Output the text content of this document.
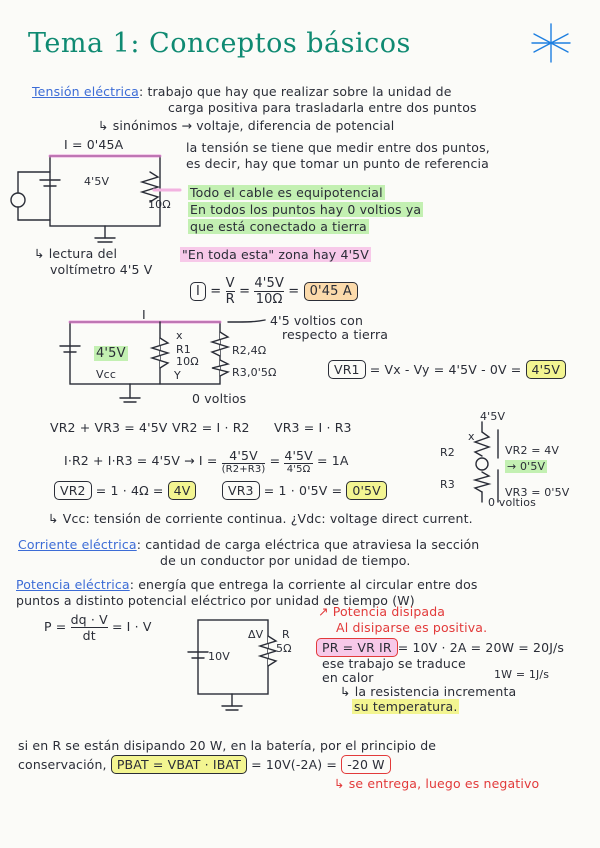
Tema 1: Conceptos básicos
Tensión eléctrica: trabajo que hay que realizar sobre la unidad de
carga positiva para trasladarla entre dos puntos
↳ sinónimos → voltaje, diferencia de potencial
I = 0'45A
4'5V
10Ω
la tensión se tiene que medir entre dos puntos,
es decir, hay que tomar un punto de referencia
Todo el cable es equipotencial
En todos los puntos hay 0 voltios ya
que está conectado a tierra
"En toda esta" zona hay 4'5V
↳ lectura del
voltímetro 4'5 V
$I = \frac{V}{R} = \frac{4'5V}{10\Omega} = 0'45$ A
I
4'5V
Vcc
x
R1
10Ω
Y
R2,4Ω
R3,0'5Ω
4'5 voltios con
respecto a tierra
0 voltios
VR1 = Vx - Vy = 4'5V - 0V = 4'5V
VR2 + VR3 = 4'5V VR2 = I · R2 VR3 = I · R3
I·R2 + I·R3 = 4'5V → I = 4'5V
(R2+R3)
= 4'5V
4'5Ω
= 1A
VR2 = 1 · 4Ω = 4V	VR3 = 1 · 0'5V = 0'5V
4'5V
x
R2
R3
VR2 = 4V
→ 0'5V
VR3 = 0'5V
0 voltios
↳ Vcc: tensión de corriente continua. ¿Vdc: voltage direct current.
Corriente eléctrica: cantidad de carga eléctrica que atraviesa la sección
de un conductor por unidad de tiempo.
Potencia eléctrica: energía que entrega la corriente al circular entre dos
puntos a distinto potencial eléctrico por unidad de tiempo (W)
$P = \frac{dq \cdot V}{dt} = I \cdot V$
10V
ΔV R
5Ω
↗ Potencia disipada
Al disiparse es positiva.
PR = VR IR = 10V · 2A = 20W = 20J/s
ese trabajo se traduce
en calor	1W = 1J/s
↳ la resistencia incrementa
su temperatura.
si en R se están disipando 20 W, en la batería, por el principio de
conservación, PBAT = VBAT · IBAT = 10V(-2A) = -20 W
↳ se entrega, luego es negativo
